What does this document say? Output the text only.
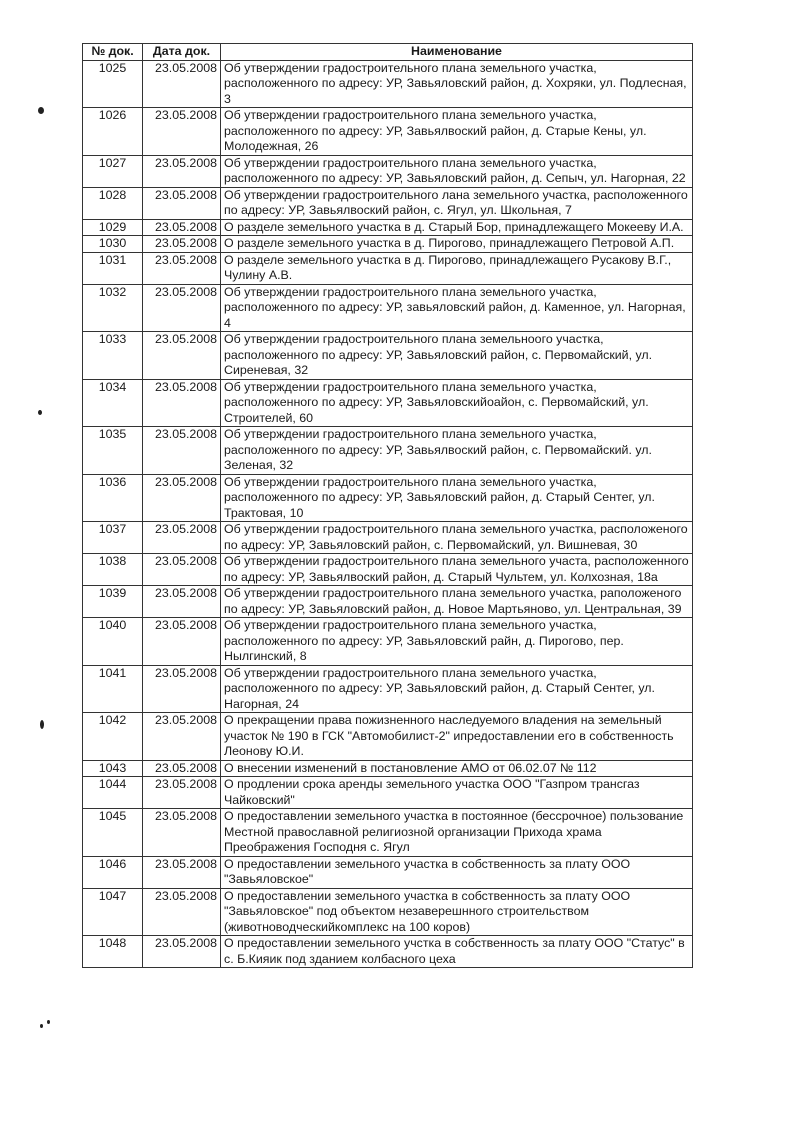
№ док.	Дата док.	Наименование
1025	23.05.2008	Об утверждении градостроительного плана земельного участка, расположенного по адресу: УР, Завьяловский район, д. Хохряки, ул. Подлесная, 3
1026	23.05.2008	Об утверждении градостроительного плана земельного участка, расположенного по адресу: УР, Завьялвоский район, д. Старые Кены, ул. Молодежная, 26
1027	23.05.2008	Об утверждении градостроительного плана земельного участка, расположенного по адресу: УР, Завьяловский район, д. Сепыч, ул. Нагорная, 22
1028	23.05.2008	Об утверждении градостроительного лана земельного участка, расположенного по адресу: УР, Завьялвоский район, с. Ягул, ул. Школьная, 7
1029	23.05.2008	О разделе земельного участка в д. Старый Бор, принадлежащего Мокееву И.А.
1030	23.05.2008	О разделе земельного участка в д. Пирогово, принадлежащего Петровой А.П.
1031	23.05.2008	О разделе земельного участка в д. Пирогово, принадлежащего Русакову В.Г., Чулину А.В.
1032	23.05.2008	Об утверждении градостроительного плана земельного участка, расположенного по адресу: УР, завьяловский район, д. Каменное, ул. Нагорная, 4
1033	23.05.2008	Об утверждении градостроительного плана земельноого участка, расположенного по адресу: УР, Завьяловский район, с. Первомайский, ул. Сиреневая, 32
1034	23.05.2008	Об утверждении градостроительного плана земельного участка, расположенного по адресу: УР, Завьяловскийоайон, с. Первомайский, ул. Строителей, 60
1035	23.05.2008	Об утверждении градостроительного плана земельного участка, расположенного по адресу: УР, Завьялвоский район, с. Первомайский. ул. Зеленая, 32
1036	23.05.2008	Об утверждении градостроительного плана земельного участка, расположенного по адресу: УР, Завьяловский район, д. Старый Сентег, ул. Трактовая, 10
1037	23.05.2008	Об утверждении градостроительного плана земельного участка, расположеного по адресу: УР, Завьяловский район, с. Первомайский, ул. Вишневая, 30
1038	23.05.2008	Об утверждении градостроительного плана земельного участа, расположенного по адресу: УР, Завьялвоский район, д. Старый Чультем, ул. Колхозная, 18а
1039	23.05.2008	Об утверждении градостроительного плана земельного участка, раположеного по адресу: УР, Завьяловский район, д. Новое Мартьяново, ул. Центральная, 39
1040	23.05.2008	Об утверждении градостроительного плана земельного участка, расположенного по адресу: УР, Завьяловский райн, д. Пирогово, пер. Нылгинский, 8
1041	23.05.2008	Об утверждении градостроительного плана земельного участка, расположенного по адресу: УР, Завьяловский район, д. Старый Сентег, ул. Нагорная, 24
1042	23.05.2008	О прекращении права пожизненного наследуемого владения на земельный участок № 190 в ГСК "Автомобилист-2" ипредоставлении его в собственность Леонову Ю.И.
1043	23.05.2008	О внесении изменений в постановление АМО от 06.02.07 № 112
1044	23.05.2008	О продлении срока аренды земельного участка ООО "Газпром трансгаз Чайковский"
1045	23.05.2008	О предоставлении земельного участка в постоянное (бессрочное) пользование Местной православной религиозной организации Прихода храма Преображения Господня с. Ягул
1046	23.05.2008	О предоставлении земельного участка в собственность за плату ООО "Завьяловское"
1047	23.05.2008	О предоставлении земельного участка в собственность за плату ООО "Завьяловское" под объектом незаверешнного строительством (животноводческийкомплекс на 100 коров)
1048	23.05.2008	О предоставлении земельного учстка в собственность за плату ООО "Статус" в с. Б.Кияик под зданием колбасного цеха
